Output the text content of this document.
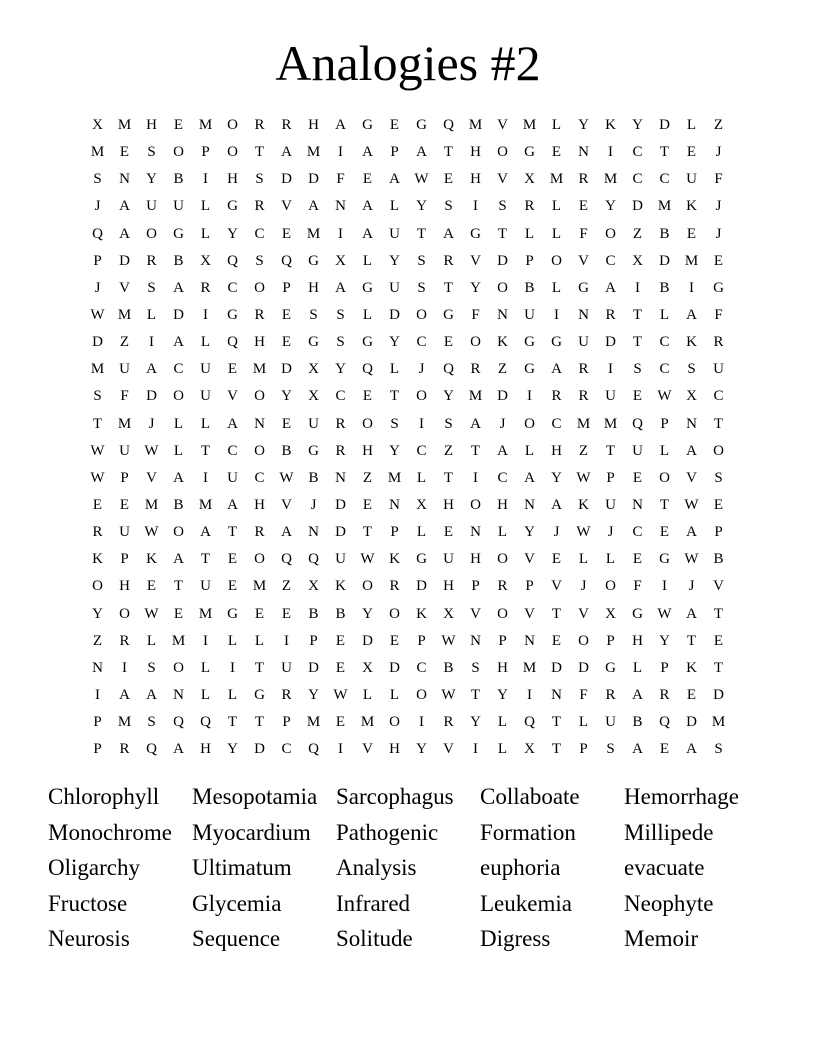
Analogies #2
X M H	E	M O	R	R	H	A	G	E	G	Q M V M	L	Y	K	Y	D	L	Z
M	E	S	O	P	O	T	A M	I	A	P	A	T	H	O	G	E	N	I	C	T	E	J
S	N	Y	B	I	H	S	D	D	F	E	A W	E	H	V	X M	R	M	C	C	U	F
J	A	U	U	L	G	R	V	A	N	A	L	Y	S	I	S	R	L	E	Y	D M K	J
Q	A	O	G	L	Y	C	E	M	I	A	U	T	A	G	T	L	L	F	O	Z	B	E	J
P	D	R	B	X	Q	S	Q	G	X	L	Y	S	R	V	D	P	O	V	C	X	D M	E
J	V	S	A	R	C	O	P	H	A	G	U	S	T	Y	O	B	L	G	A	I	B	I	G
W M	L	D	I	G	R	E	S	S	L	D	O	G	F	N	U	I	N	R	T	L	A	F
D	Z	I	A	L	Q	H	E	G	S	G	Y	C	E	O	K	G	G	U	D	T	C	K	R
M U	A	C	U	E	M D	X	Y	Q	L	J	Q	R	Z	G	A	R	I	S	C	S	U
S	F	D	O	U	V	O	Y	X	C	E	T	O	Y M D	I	R	R	U	E	W X	C
T	M	J	L	L	A	N	E	U	R	O	S	I	S	A	J	O	C	M M Q	P	N	T
W U W	L	T	C	O	B	G	R	H	Y	C	Z	T	A	L	H	Z	T	U	L	A	O
W	P	V	A	I	U	C W B	N	Z	M	L	T	I	C	A	Y W	P	E	O	V	S
E	E	M	B	M A	H	V	J	D	E	N	X	H	O	H	N	A	K	U	N	T	W	E
R	U W O	A	T	R	A	N	D	T	P	L	E	N	L	Y	J	W	J	C	E	A	P
K	P	K	A	T	E	O	Q	Q	U W K	G	U	H	O	V	E	L	L	E	G W B
O	H	E	T	U	E	M	Z	X	K	O	R	D	H	P	R	P	V	J	O	F	I	J	V
Y	O W	E	M G	E	E	B	B	Y	O	K	X	V	O	V	T	V	X	G W A	T
Z	R	L	M	I	L	L	I	P	E	D	E	P	W N	P	N	E	O	P	H	Y	T	E
N	I	S	O	L	I	T	U	D	E	X	D	C	B	S	H M D	D	G	L	P	K	T
I	A	A	N	L	L	G	R	Y W	L	L	O W	T	Y	I	N	F	R	A	R	E	D
P	M	S	Q	Q	T	T	P	M	E	M O	I	R	Y	L	Q	T	L	U	B	Q	D M
P	R	Q	A	H	Y	D	C	Q	I	V	H	Y	V	I	L	X	T	P	S	A	E	A	S
Chlorophyll	Mesopotamia Sarcophagus	Collaboate	Hemorrhage
Monochrome Myocardium	Pathogenic	Formation	Millipede
Oligarchy	Ultimatum	Analysis	euphoria	evacuate
Fructose	Glycemia	Infrared	Leukemia	Neophyte
Neurosis	Sequence	Solitude	Digress	Memoir
